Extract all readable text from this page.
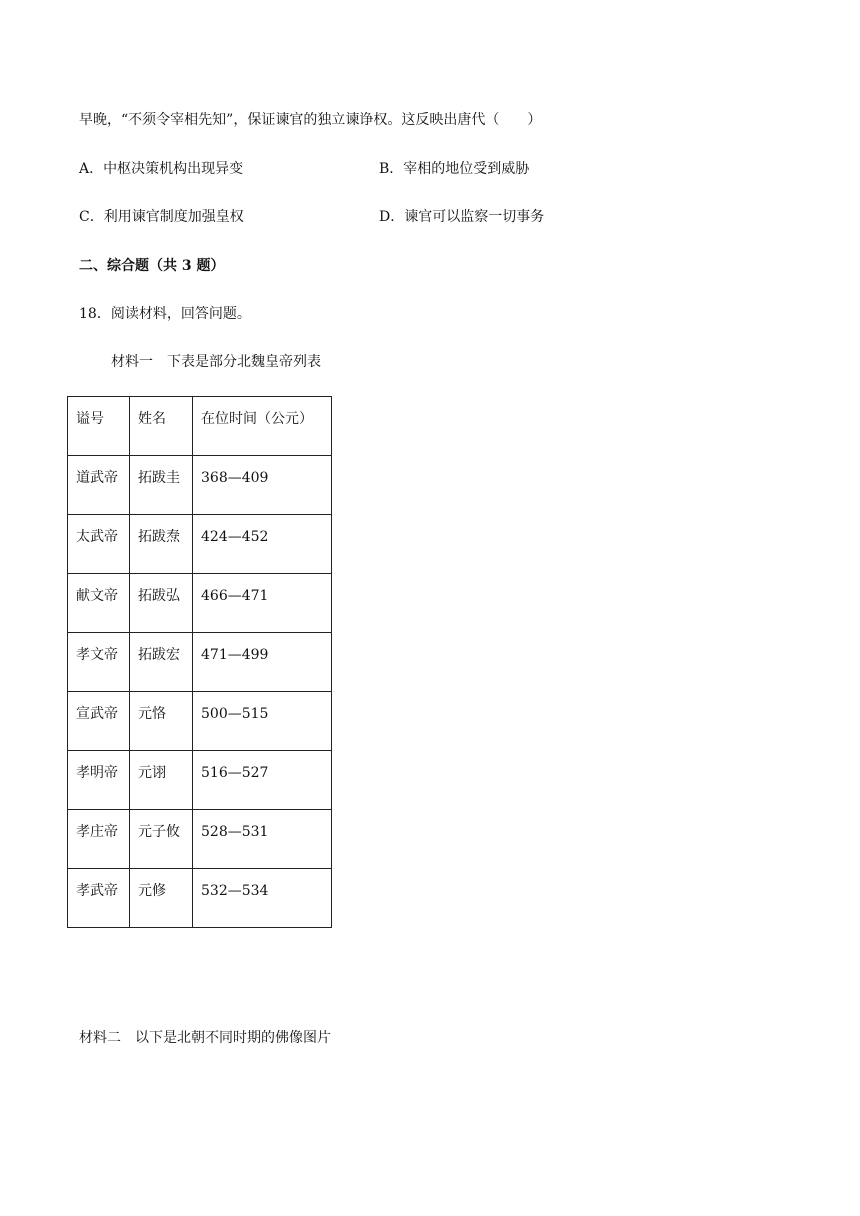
早晚，“不须令宰相先知”，保证谏官的独立谏诤权。这反映出唐代（　　）
A．中枢决策机构出现异变	B．宰相的地位受到威胁
C．利用谏官制度加强皇权	D．谏官可以监察一切事务
二、综合题（共 3 题）
18．阅读材料，回答问题。
材料一　下表是部分北魏皇帝列表
谥号	姓名	在位时间（公元）
道武帝	拓跋圭	368—409
太武帝	拓跋焘	424—452
献文帝	拓跋弘	466—471
孝文帝	拓跋宏	471—499
宣武帝	元恪	500—515
孝明帝	元诩	516—527
孝庄帝	元子攸	528—531
孝武帝	元修	532—534
材料二　以下是北朝不同时期的佛像图片
